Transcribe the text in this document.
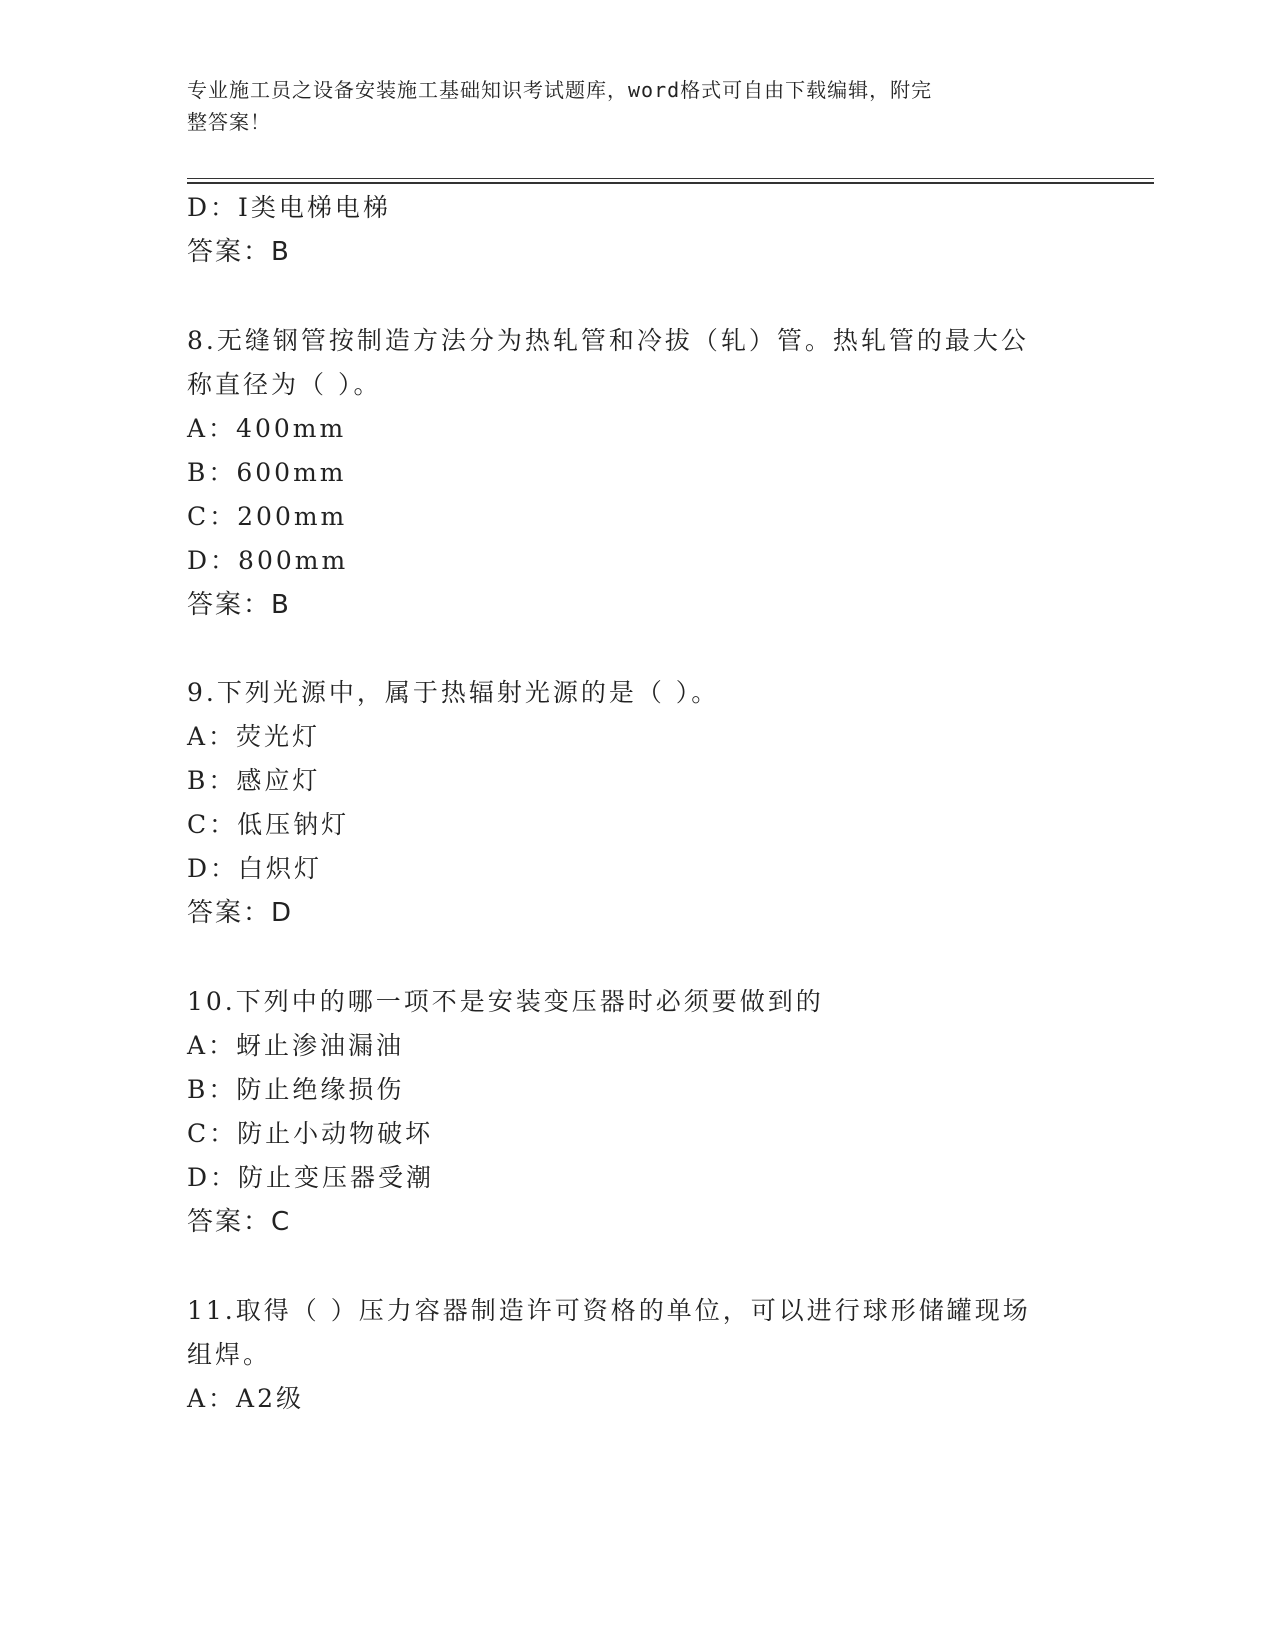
专业施工员之设备安装施工基础知识考试题库，word格式可自由下载编辑，附完
整答案！
D：Ⅰ类电梯电梯
答案：B
8.无缝钢管按制造方法分为热轧管和冷拔（轧）管。热轧管的最大公
称直径为（ ）。
A：400mm
B：600mm
C：200mm
D：800mm
答案：B
9.下列光源中，属于热辐射光源的是（ ）。
A：荧光灯
B：感应灯
C：低压钠灯
D：白炽灯
答案：D
10.下列中的哪一项不是安装变压器时必须要做到的
A：蚜止渗油漏油
B：防止绝缘损伤
C：防止小动物破坏
D：防止变压器受潮
答案：C
11.取得（ ）压力容器制造许可资格的单位，可以进行球形储罐现场
组焊。
A：A2级
